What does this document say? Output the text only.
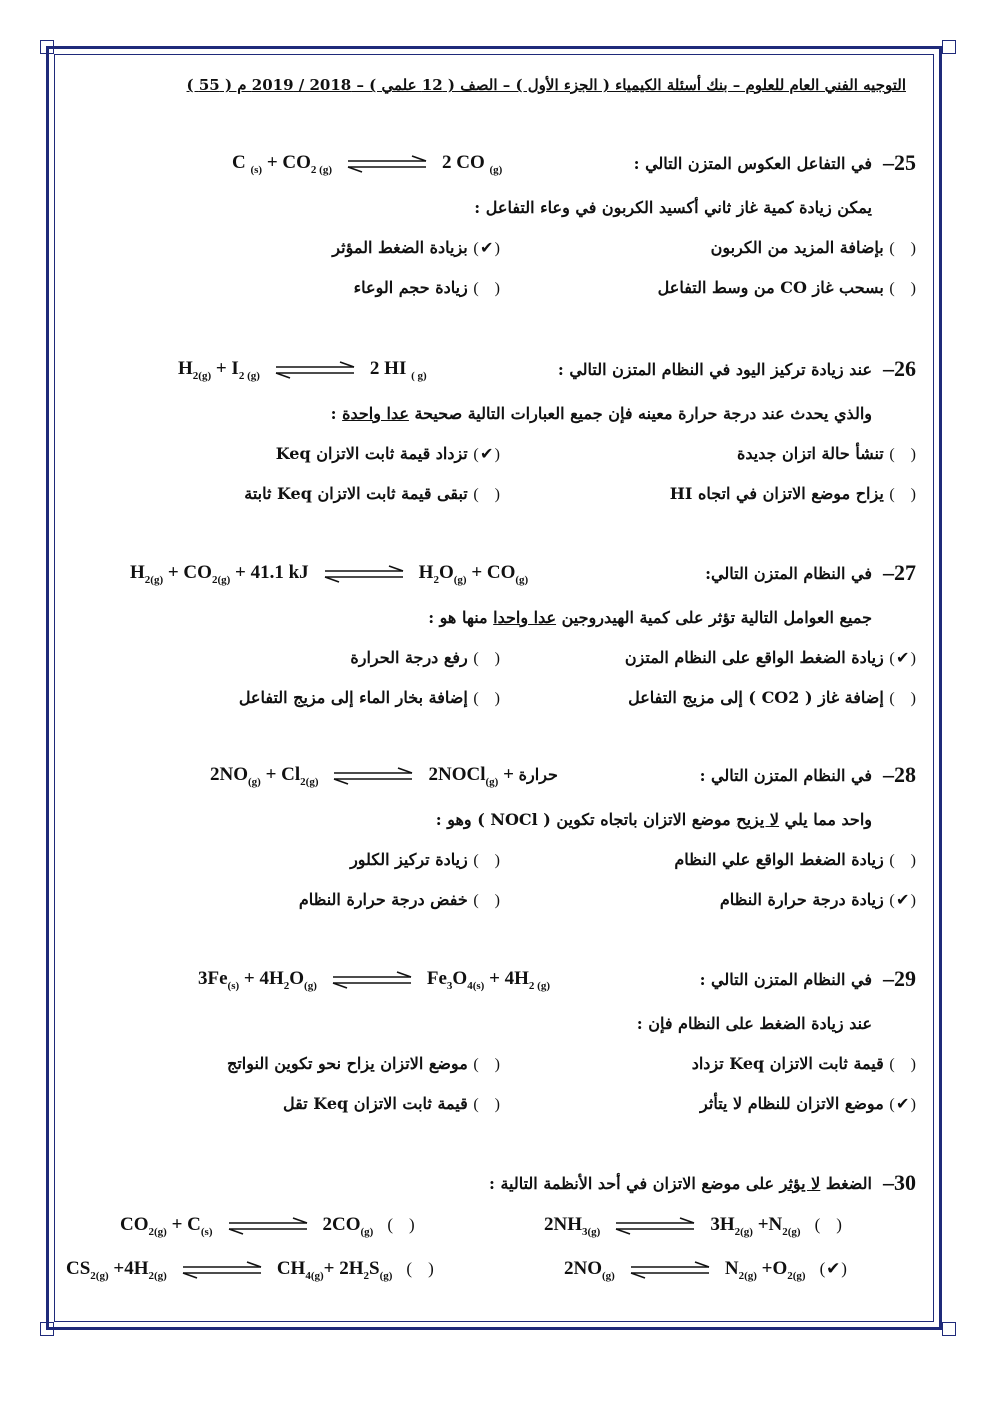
التوجيه الفني العام للعلوم – بنك أسئلة الكيمياء ( الجزء الأول ) – الصف ( 12 علمي ) – 2018 / 2019 م ( 55 )
25–
في التفاعل العكوس المتزن التالي :
C $_{(s)} + CO_{2 (g)}$	2 CO $_{(g)}$
يمكن زيادة كمية غاز ثاني أكسيد الكربون في وعاء التفاعل :
() بإضافة المزيد من الكربون
(✔) بزيادة الضغط المؤثر
() بسحب غاز CO من وسط التفاعل
() زيادة حجم الوعاء
26–
عند زيادة تركيز اليود في النظام المتزن التالي :
$H_{2(g)} + I_{2 (g)}$	2 HI $_{( g)}$
والذي يحدث عند درجة حرارة معينه فإن جميع العبارات التالية صحيحة عدا واحدة :
() تنشأ حالة اتزان جديدة
(✔) تزداد قيمة ثابت الاتزان Keq
() يزاح موضع الاتزان في اتجاه HI
() تبقى قيمة ثابت الاتزان Keq ثابتة
27–
في النظام المتزن التالي:
$H_{2(g)} + CO_{2(g)} + 41.1$ kJ	$H_2O_{(g)} + CO_{(g)}$
جميع العوامل التالية تؤثر على كمية الهيدروجين عدا واحدا منها هو :
(✔) زيادة الضغط الواقع على النظام المتزن
() رفع درجة الحرارة
() إضافة غاز ( CO2 ) إلى مزيج التفاعل
() إضافة بخار الماء إلى مزيج التفاعل
28–
في النظام المتزن التالي :
$2NO_{(g)} + Cl_{2(g)}$	2NOCl$_{(g)}$ + حرارة
واحد مما يلي لا يزيح موضع الاتزان باتجاه تكوين ( NOCl ) وهو :
() زيادة الضغط الواقع علي النظام
() زيادة تركيز الكلور
(✔) زيادة درجة حرارة النظام
() خفض درجة حرارة النظام
29–
في النظام المتزن التالي :
$3Fe_{(s)} + 4H_2O_{(g)}$	$Fe_3O_{4(s)} + 4H_{2 (g)}$
عند زيادة الضغط على النظام فإن :
() قيمة ثابت الاتزان Keq تزداد
() موضع الاتزان يزاح نحو تكوين النواتج
(✔) موضع الاتزان للنظام لا يتأثر
() قيمة ثابت الاتزان Keq تقل
30–
الضغط لا يؤثر على موضع الاتزان في أحد الأنظمة التالية :
$CO_{2(g)} + C_{(s)}$	$2CO_{(g)}$ ( )	$2NH_{3(g)}$	$3H_{2(g)} +N_{2(g)}$ ( )
$CS_{2(g)} +4H_{2(g)}$	$CH_{4(g)}+ 2H_2S_{(g)}$ ( )	$2NO_{(g)}$	$N_{2(g)} +O_{2(g)}$ (✔)
